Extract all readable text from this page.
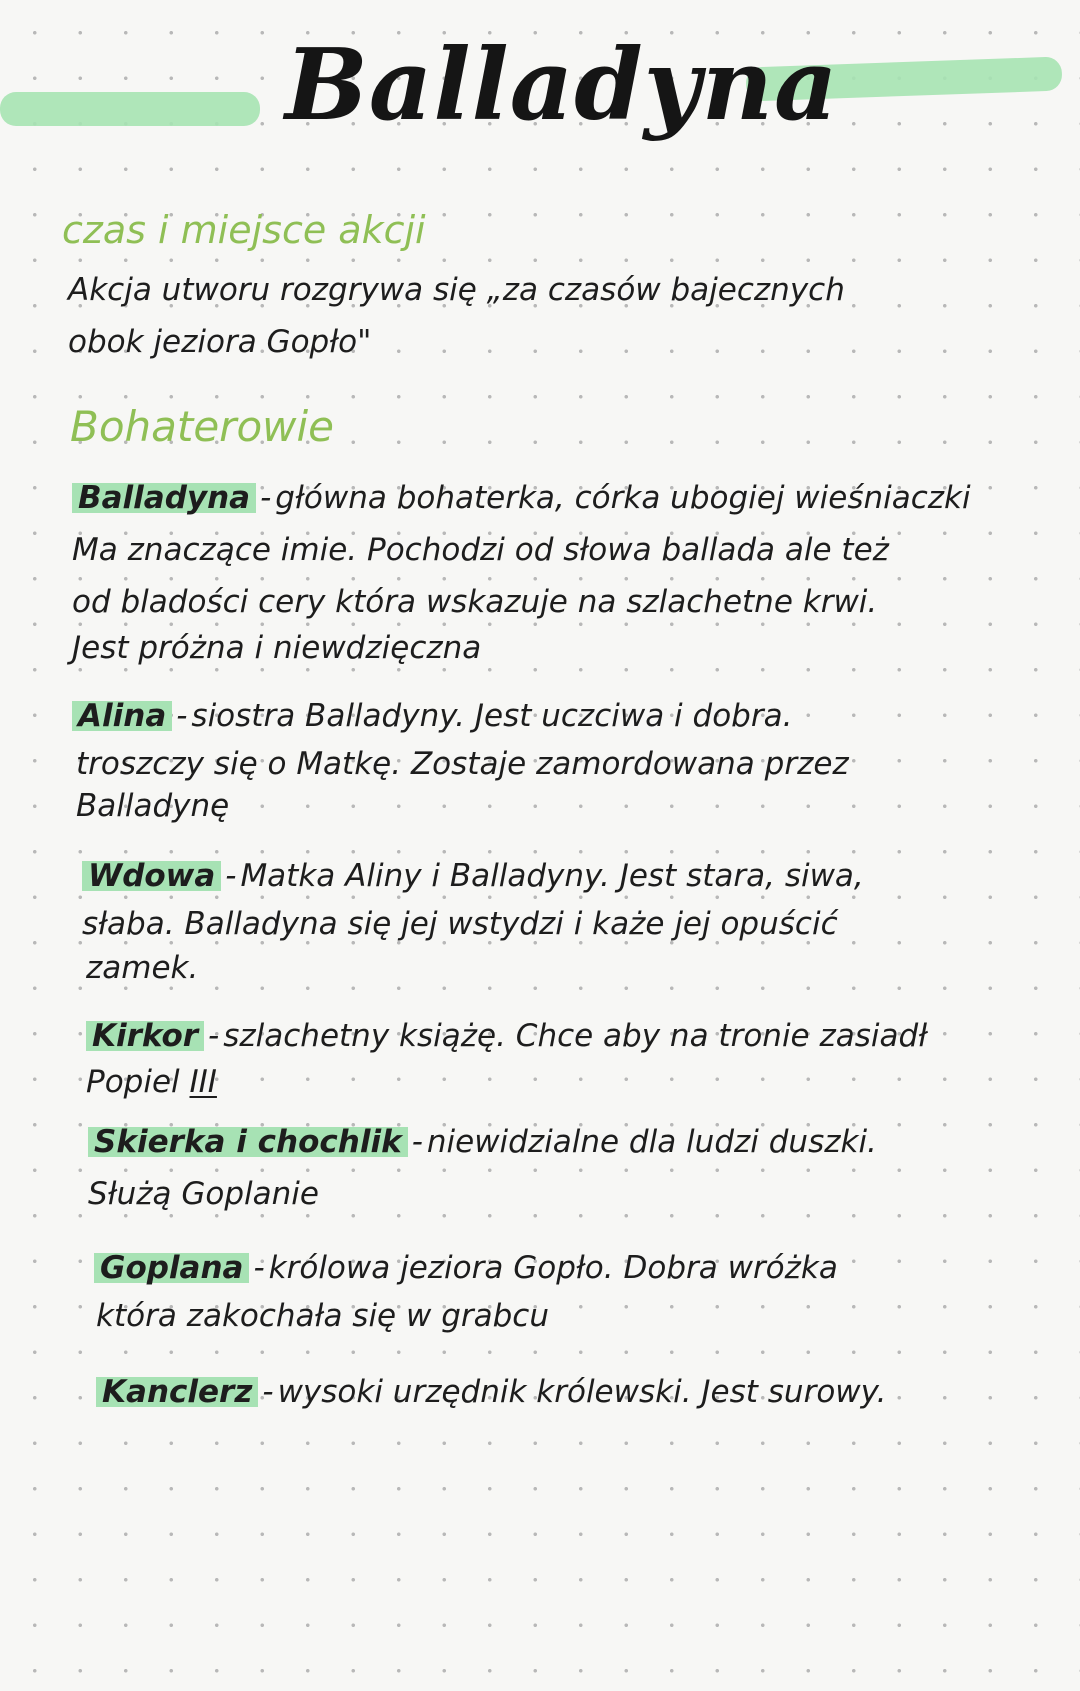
Balladyna
czas i miejsce akcji
Akcja utworu rozgrywa się „za czasów bajecznych
obok jeziora Gopło"
Bohaterowie
Balladyna - główna bohaterka, córka ubogiej wieśniaczki
Ma znaczące imie. Pochodzi od słowa ballada ale też
od bladości cery która wskazuje na szlachetne krwi.
Jest próżna i niewdzięczna
Alina - siostra Balladyny. Jest uczciwa i dobra.
troszczy się o Matkę. Zostaje zamordowana przez
Balladynę
Wdowa - Matka Aliny i Balladyny. Jest stara, siwa,
słaba. Balladyna się jej wstydzi i każe jej opuścić
zamek.
Kirkor - szlachetny książę. Chce aby na tronie zasiadł
Popiel III
Skierka i chochlik - niewidzialne dla ludzi duszki.
Służą Goplanie
Goplana - królowa jeziora Gopło. Dobra wróżka
która zakochała się w grabcu
Kanclerz - wysoki urzędnik królewski. Jest surowy.
